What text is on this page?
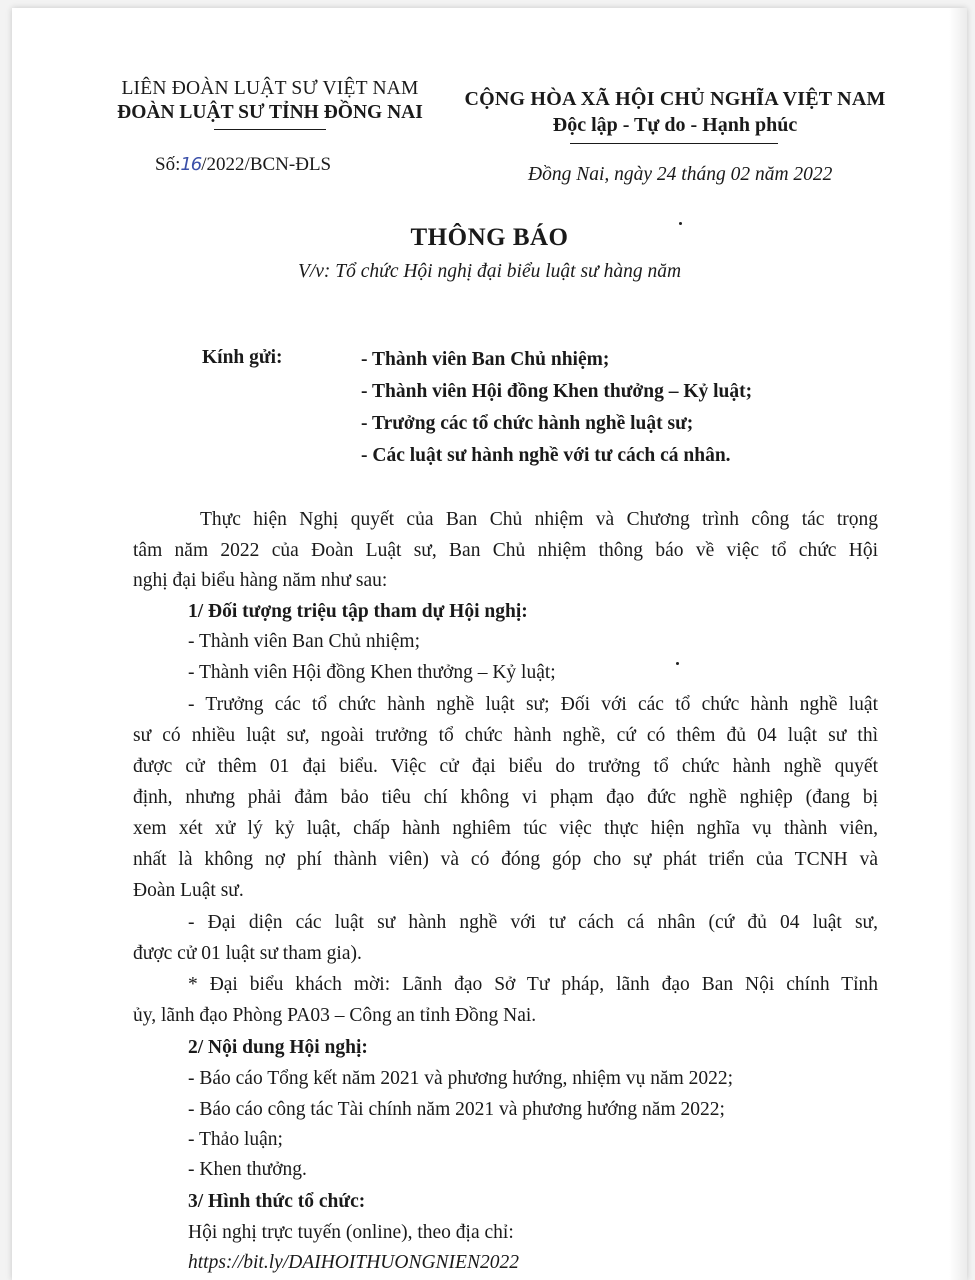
LIÊN ĐOÀN LUẬT SƯ VIỆT NAM
ĐOÀN LUẬT SƯ TỈNH ĐỒNG NAI
CỘNG HÒA XÃ HỘI CHỦ NGHĨA VIỆT NAM
Độc lập - Tự do - Hạnh phúc
Số:16/2022/BCN-ĐLS	Đồng Nai, ngày 24 tháng 02 năm 2022
THÔNG BÁO
V/v: Tổ chức Hội nghị đại biểu luật sư hàng năm
Kính gửi:	- Thành viên Ban Chủ nhiệm;
- Thành viên Hội đồng Khen thưởng – Kỷ luật;
- Trưởng các tổ chức hành nghề luật sư;
- Các luật sư hành nghề với tư cách cá nhân.
Thực hiện Nghị quyết của Ban Chủ nhiệm và Chương trình công tác trọng
tâm năm 2022 của Đoàn Luật sư, Ban Chủ nhiệm thông báo về việc tổ chức Hội
nghị đại biểu hàng năm như sau:
1/ Đối tượng triệu tập tham dự Hội nghị:
- Thành viên Ban Chủ nhiệm;
- Thành viên Hội đồng Khen thưởng – Kỷ luật;
- Trưởng các tổ chức hành nghề luật sư; Đối với các tổ chức hành nghề luật
sư có nhiều luật sư, ngoài trưởng tổ chức hành nghề, cứ có thêm đủ 04 luật sư thì
được cử thêm 01 đại biểu. Việc cử đại biểu do trưởng tổ chức hành nghề quyết
định, nhưng phải đảm bảo tiêu chí không vi phạm đạo đức nghề nghiệp (đang bị
xem xét xử lý kỷ luật, chấp hành nghiêm túc việc thực hiện nghĩa vụ thành viên,
nhất là không nợ phí thành viên) và có đóng góp cho sự phát triển của TCNH và
Đoàn Luật sư.
- Đại diện các luật sư hành nghề với tư cách cá nhân (cứ đủ 04 luật sư,
được cử 01 luật sư tham gia).
* Đại biểu khách mời: Lãnh đạo Sở Tư pháp, lãnh đạo Ban Nội chính Tỉnh
ủy, lãnh đạo Phòng PA03 – Công an tỉnh Đồng Nai.
2/ Nội dung Hội nghị:
- Báo cáo Tổng kết năm 2021 và phương hướng, nhiệm vụ năm 2022;
- Báo cáo công tác Tài chính năm 2021 và phương hướng năm 2022;
- Thảo luận;
- Khen thưởng.
3/ Hình thức tổ chức:
Hội nghị trực tuyến (online), theo địa chỉ:
https://bit.ly/DAIHOITHUONGNIEN2022
